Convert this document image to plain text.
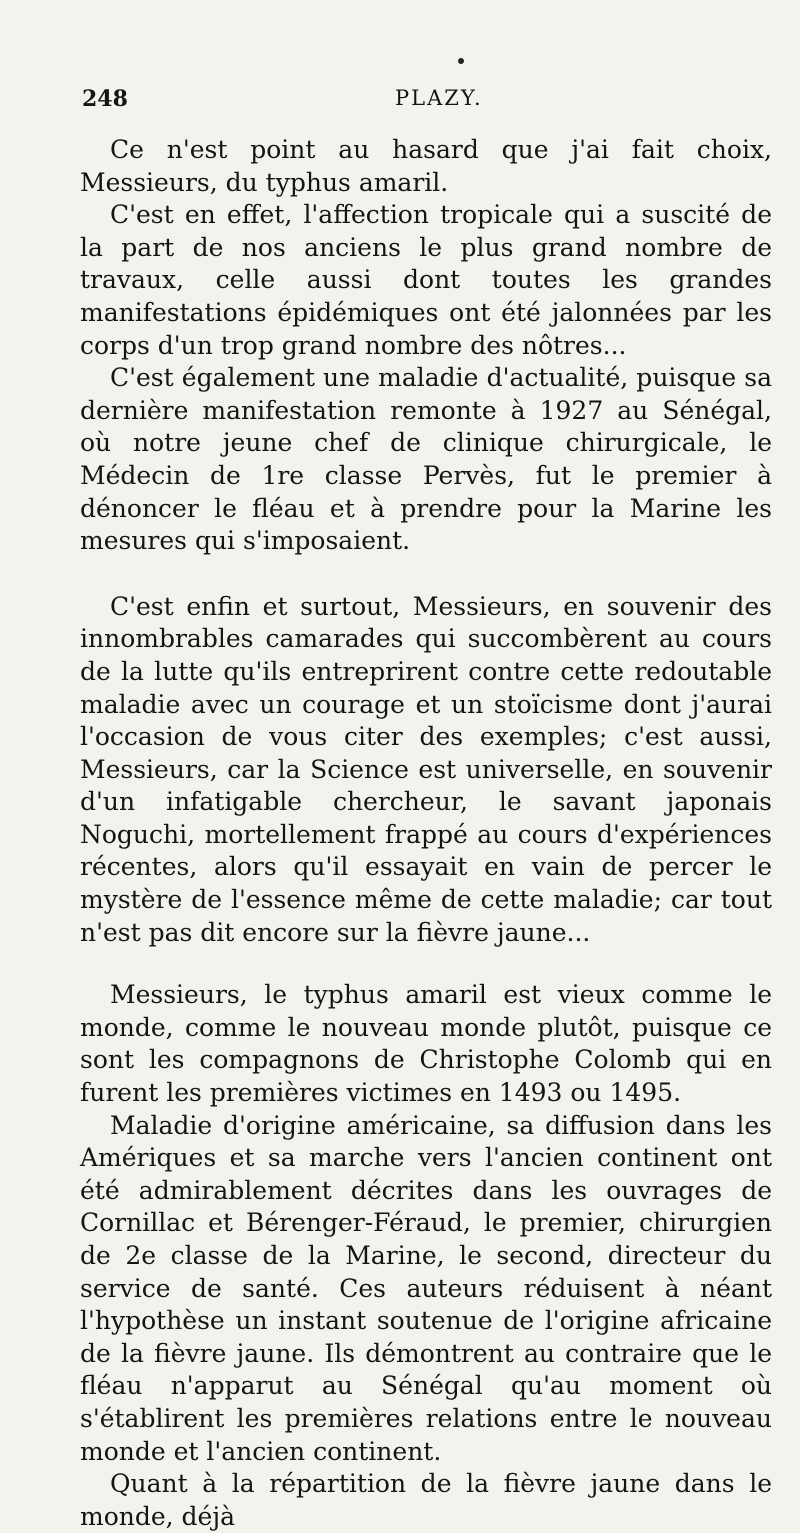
248	PLAZY.

Ce n'est point au hasard que j'ai fait choix, Messieurs, du typhus amaril.

C'est en effet, l'affection tropicale qui a suscité de la part de nos anciens le plus grand nombre de travaux, celle aussi dont toutes les grandes manifestations épidémiques ont été jalonnées par les corps d'un trop grand nombre des nôtres...

C'est également une maladie d'actualité, puisque sa dernière manifestation remonte à 1927 au Sénégal, où notre jeune chef de clinique chirurgicale, le Médecin de 1re classe Pervès, fut le premier à dénoncer le fléau et à prendre pour la Marine les mesures qui s'imposaient.

C'est enfin et surtout, Messieurs, en souvenir des innombrables camarades qui succombèrent au cours de la lutte qu'ils entreprirent contre cette redoutable maladie avec un courage et un stoïcisme dont j'aurai l'occasion de vous citer des exemples; c'est aussi, Messieurs, car la Science est universelle, en souvenir d'un infatigable chercheur, le savant japonais Noguchi, mortellement frappé au cours d'expériences récentes, alors qu'il essayait en vain de percer le mystère de l'essence même de cette maladie; car tout n'est pas dit encore sur la fièvre jaune...

Messieurs, le typhus amaril est vieux comme le monde, comme le nouveau monde plutôt, puisque ce sont les compagnons de Christophe Colomb qui en furent les premières victimes en 1493 ou 1495.

Maladie d'origine américaine, sa diffusion dans les Amériques et sa marche vers l'ancien continent ont été admirablement décrites dans les ouvrages de Cornillac et Bérenger-Féraud, le premier, chirurgien de 2e classe de la Marine, le second, directeur du service de santé. Ces auteurs réduisent à néant l'hypothèse un instant soutenue de l'origine africaine de la fièvre jaune. Ils démontrent au contraire que le fléau n'apparut au Sénégal qu'au moment où s'établirent les premières relations entre le nouveau monde et l'ancien continent.

Quant à la répartition de la fièvre jaune dans le monde, déjà
